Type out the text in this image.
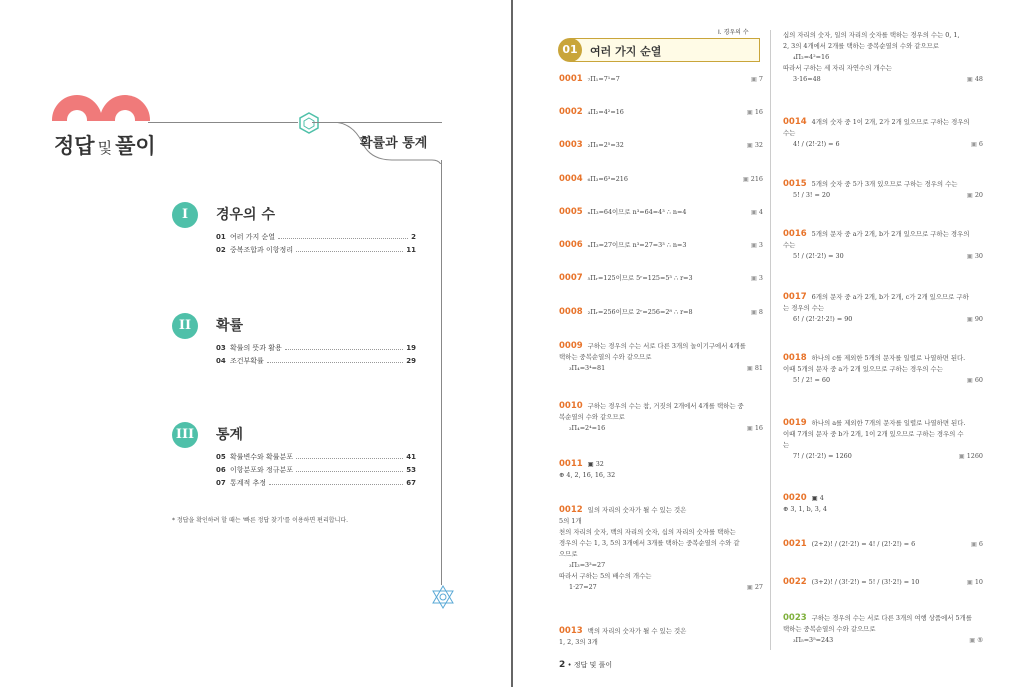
정답 및 풀이	확률과 통계
I	경우의 수
01 여러 가지 순열	2
02 중복조합과 이항정리	11
II	확률
03 확률의 뜻과 활용	19
04 조건부확률	29
III 통계
05 확률변수와 확률분포	41
06 이항분포와 정규분포	53
07 통계적 추정	67
* 정답을 확인하려 할 때는 '빠른 정답 찾기'를 이용하면 편리합니다.
I. 경우의 수
01	여러 가지 순열
0001 ₇Π₁=7¹=7	▣ 7
0002 ₄Π₂=4²=16	▣ 16
0003 ₂Π₅=2⁵=32	▣ 32
0004 ₆Π₃=6³=216	▣ 216
0005 ₙΠ₃=64이므로 n³=64=4³ ∴ n=4	▣ 4
0006 ₙΠ₃=27이므로 n³=27=3³ ∴ n=3	▣ 3
0007 ₅Πᵣ=125이므로 5ʳ=125=5³ ∴ r=3	▣ 3
0008 ₂Πᵣ=256이므로 2ʳ=256=2⁸ ∴ r=8	▣ 8
0009 구하는 경우의 수는 서로 다른 3개의 놀이기구에서 4개를
택하는 중복순열의 수와 같으므로
₃Π₄=3⁴=81	▣ 81
0010 구하는 경우의 수는 참, 거짓의 2개에서 4개를 택하는 중
복순열의 수와 같으므로
₂Π₄=2⁴=16	▣ 16
0011 ▣ 32
⊕ 4, 2, 16, 16, 32
0012 일의 자리의 숫자가 될 수 있는 것은
5의 1개
천의 자리의 숫자, 백의 자리의 숫자, 십의 자리의 숫자를 택하는
경우의 수는 1, 3, 5의 3개에서 3개를 택하는 중복순열의 수와 같
으므로
₃Π₃=3³=27
따라서 구하는 5의 배수의 개수는
1·27=27	▣ 27
0013 백의 자리의 숫자가 될 수 있는 것은
1, 2, 3의 3개
십의 자리의 숫자, 일의 자리의 숫자를 택하는 경우의 수는 0, 1,
2, 3의 4개에서 2개를 택하는 중복순열의 수와 같으므로
₄Π₂=4²=16
따라서 구하는 세 자리 자연수의 개수는
3·16=48	▣ 48
0014 4개의 숫자 중 1이 2개, 2가 2개 있으므로 구하는 경우의
수는
4! / (2!·2!) = 6	▣ 6
0015 5개의 숫자 중 5가 3개 있으므로 구하는 경우의 수는
5! / 3! = 20	▣ 20
0016 5개의 문자 중 a가 2개, b가 2개 있으므로 구하는 경우의
수는
5! / (2!·2!) = 30	▣ 30
0017 6개의 문자 중 a가 2개, b가 2개, c가 2개 있으므로 구하
는 경우의 수는
6! / (2!·2!·2!) = 90	▣ 90
0018 하나의 c를 제외한 5개의 문자를 일렬로 나열하면 된다.
이때 5개의 문자 중 a가 2개 있으므로 구하는 경우의 수는
5! / 2! = 60	▣ 60
0019 하나의 a를 제외한 7개의 문자를 일렬로 나열하면 된다.
이때 7개의 문자 중 b가 2개, 1이 2개 있으므로 구하는 경우의 수
는
7! / (2!·2!) = 1260	▣ 1260
0020 ▣ 4
⊕ 3, 1, b, 3, 4
0021 (2+2)! / (2!·2!) = 4! / (2!·2!) = 6	▣ 6
0022 (3+2)! / (3!·2!) = 5! / (3!·2!) = 10	▣ 10
0023 구하는 경우의 수는 서로 다른 3개의 여행 상품에서 5개를
택하는 중복순열의 수와 같으므로
₃Π₅=3⁵=243	▣ ⑤
2 • 정답 및 풀이
